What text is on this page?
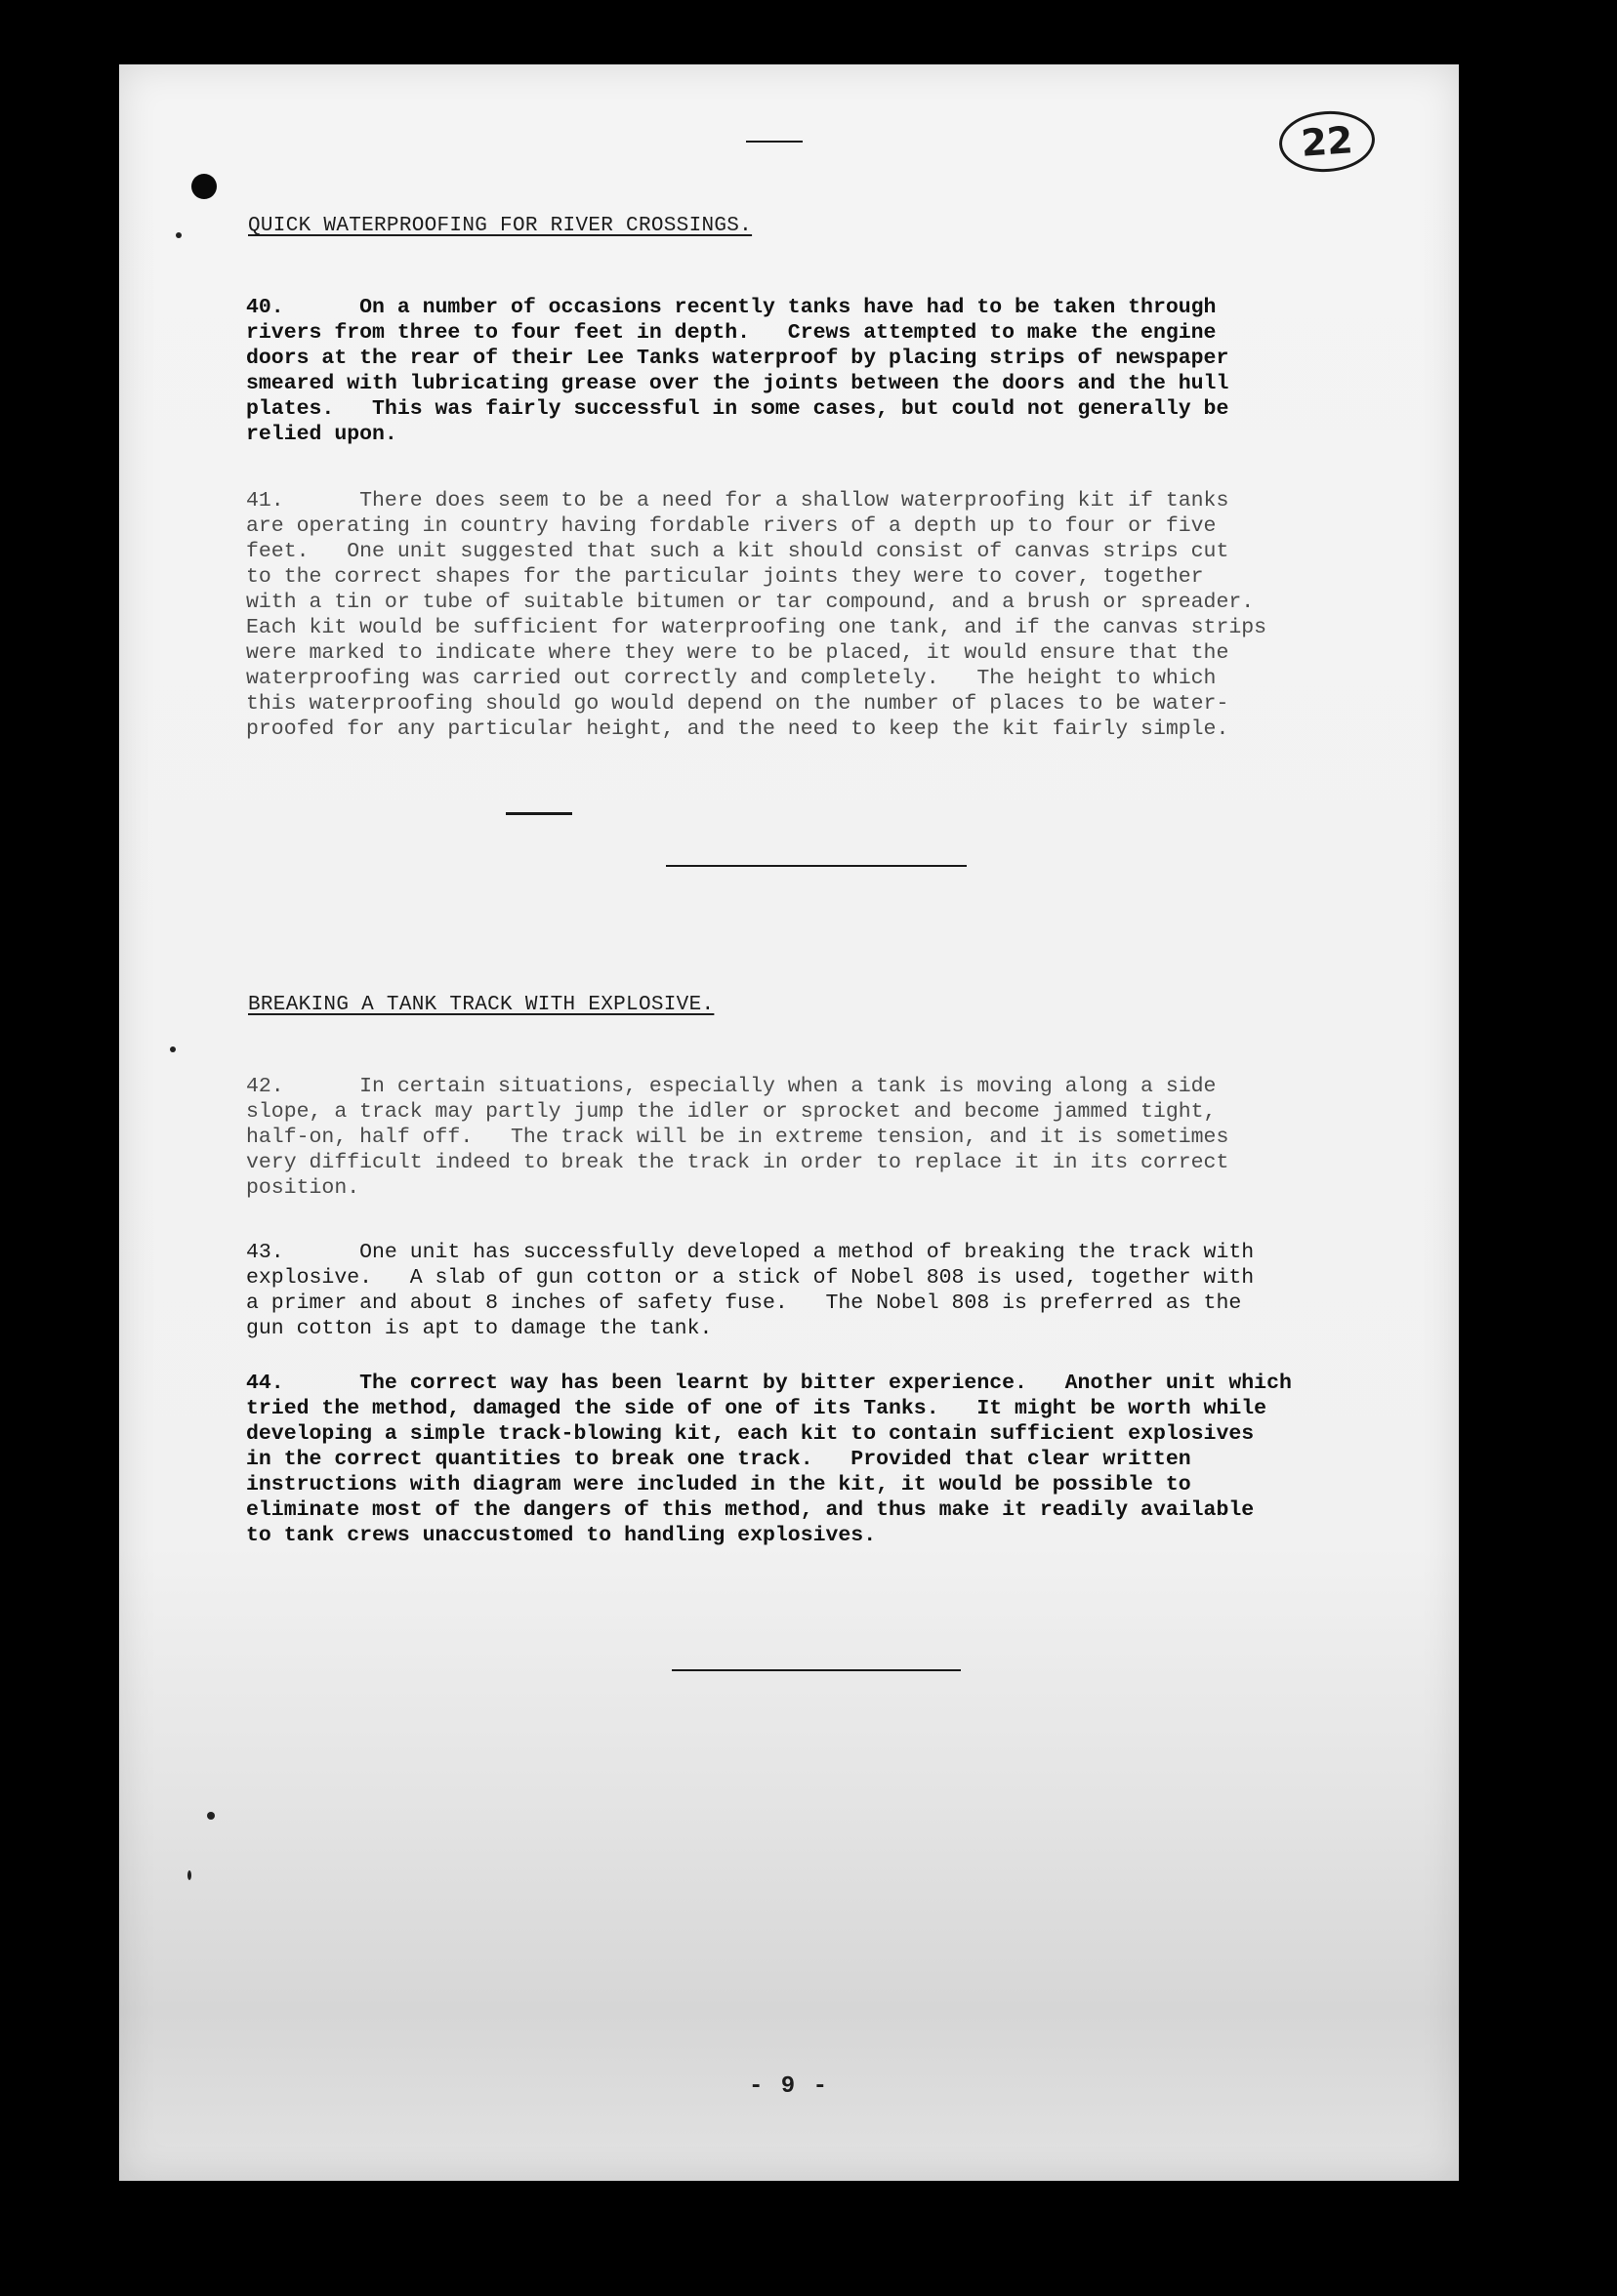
22
QUICK WATERPROOFING FOR RIVER CROSSINGS.
40.      On a number of occasions recently tanks have had to be taken through
rivers from three to four feet in depth.   Crews attempted to make the engine
doors at the rear of their Lee Tanks waterproof by placing strips of newspaper
smeared with lubricating grease over the joints between the doors and the hull
plates.   This was fairly successful in some cases, but could not generally be
relied upon.
41.      There does seem to be a need for a shallow waterproofing kit if tanks
are operating in country having fordable rivers of a depth up to four or five
feet.   One unit suggested that such a kit should consist of canvas strips cut
to the correct shapes for the particular joints they were to cover, together
with a tin or tube of suitable bitumen or tar compound, and a brush or spreader.
Each kit would be sufficient for waterproofing one tank, and if the canvas strips
were marked to indicate where they were to be placed, it would ensure that the
waterproofing was carried out correctly and completely.   The height to which
this waterproofing should go would depend on the number of places to be water-
proofed for any particular height, and the need to keep the kit fairly simple.
BREAKING A TANK TRACK WITH EXPLOSIVE.
42.      In certain situations, especially when a tank is moving along a side
slope, a track may partly jump the idler or sprocket and become jammed tight,
half-on, half off.   The track will be in extreme tension, and it is sometimes
very difficult indeed to break the track in order to replace it in its correct
position.
43.      One unit has successfully developed a method of breaking the track with
explosive.   A slab of gun cotton or a stick of Nobel 808 is used, together with
a primer and about 8 inches of safety fuse.   The Nobel 808 is preferred as the
gun cotton is apt to damage the tank.
44.      The correct way has been learnt by bitter experience.   Another unit which
tried the method, damaged the side of one of its Tanks.   It might be worth while
developing a simple track-blowing kit, each kit to contain sufficient explosives
in the correct quantities to break one track.   Provided that clear written
instructions with diagram were included in the kit, it would be possible to
eliminate most of the dangers of this method, and thus make it readily available
to tank crews unaccustomed to handling explosives.
- 9 -
